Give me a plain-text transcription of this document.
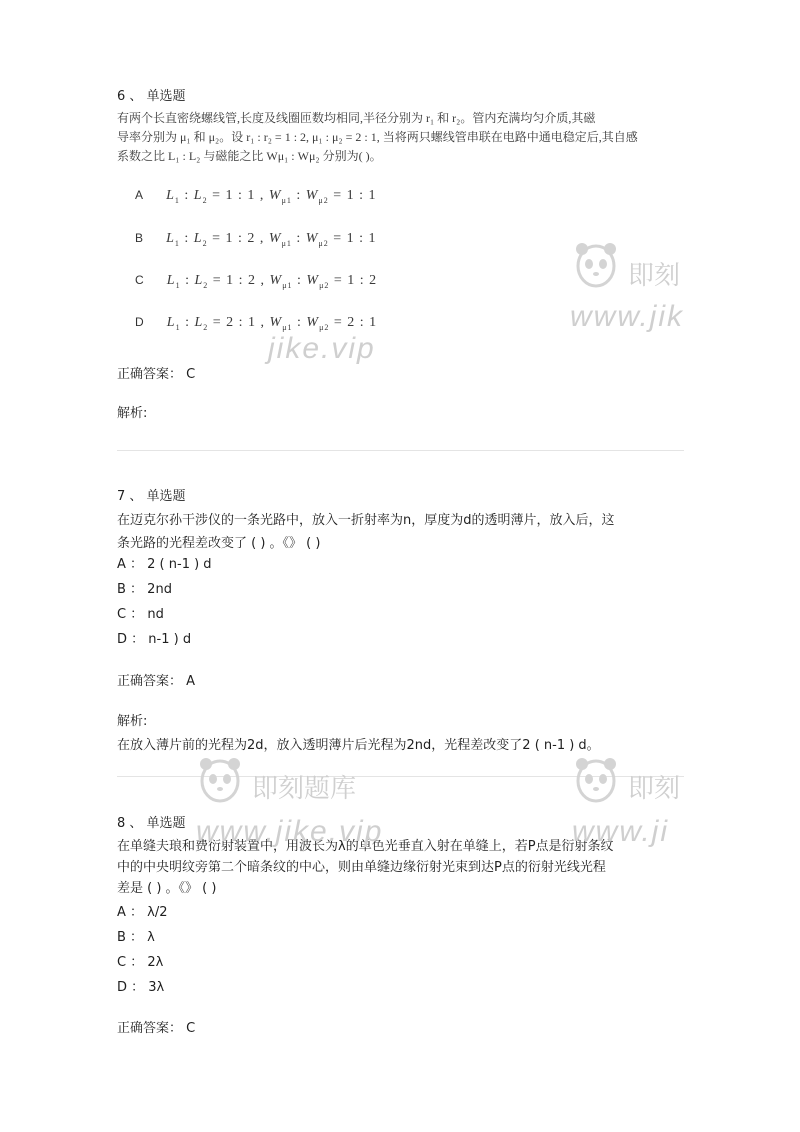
6 、 单选题
有两个长直密绕螺线管,长度及线圈匝数均相同,半径分别为 r₁ 和 r₂。管内充满均匀介质,其磁
导率分别为 μ₁ 和 μ₂。设 r₁ : r₂ = 1 : 2, μ₁ : μ₂ = 2 : 1, 当将两只螺线管串联在电路中通电稳定后,其自感
系数之比 L₁ : L₂ 与磁能之比 Wμ₁ : Wμ₂ 分别为( )。
A $L_1$ : $L_2 = 1$ : 1 , $W_{\mu 1}$ : $W_{\mu 2} = 1$ : 1
B $L_1$ : $L_2 = 1$ : 2 , $W_{\mu 1}$ : $W_{\mu 2} = 1$ : 1
C $L_1$ : $L_2 = 1$ : 2 , $W_{\mu 1}$ : $W_{\mu 2} = 1$ : 2
D $L_1$ : $L_2 = 2$ : 1 , $W_{\mu 1}$ : $W_{\mu 2} = 2$ : 1
正确答案： C
解析:
7 、 单选题
在迈克尔孙干涉仪的一条光路中，放入一折射率为n，厚度为d的透明薄片，放入后，这
条光路的光程差改变了 ( ) 。《》 ( )
A ： 2 ( n-1 ) d
B ： 2nd
C ： nd
D ： n-1 ) d
正确答案： A
解析:
在放入薄片前的光程为2d，放入透明薄片后光程为2nd，光程差改变了2 ( n-1 ) d。
8 、 单选题
在单缝夫琅和费衍射装置中，用波长为λ的单色光垂直入射在单缝上，若P点是衍射条纹
中的中央明纹旁第二个暗条纹的中心，则由单缝边缘衍射光束到达P点的衍射光线光程
差是 ( ) 。《》 ( )
A ： λ/2
B ： λ
C ： 2λ
D ： 3λ
正确答案： C
即刻
www.jik
jike.vip
即刻题库
www.jike.vip
即刻
www.ji
